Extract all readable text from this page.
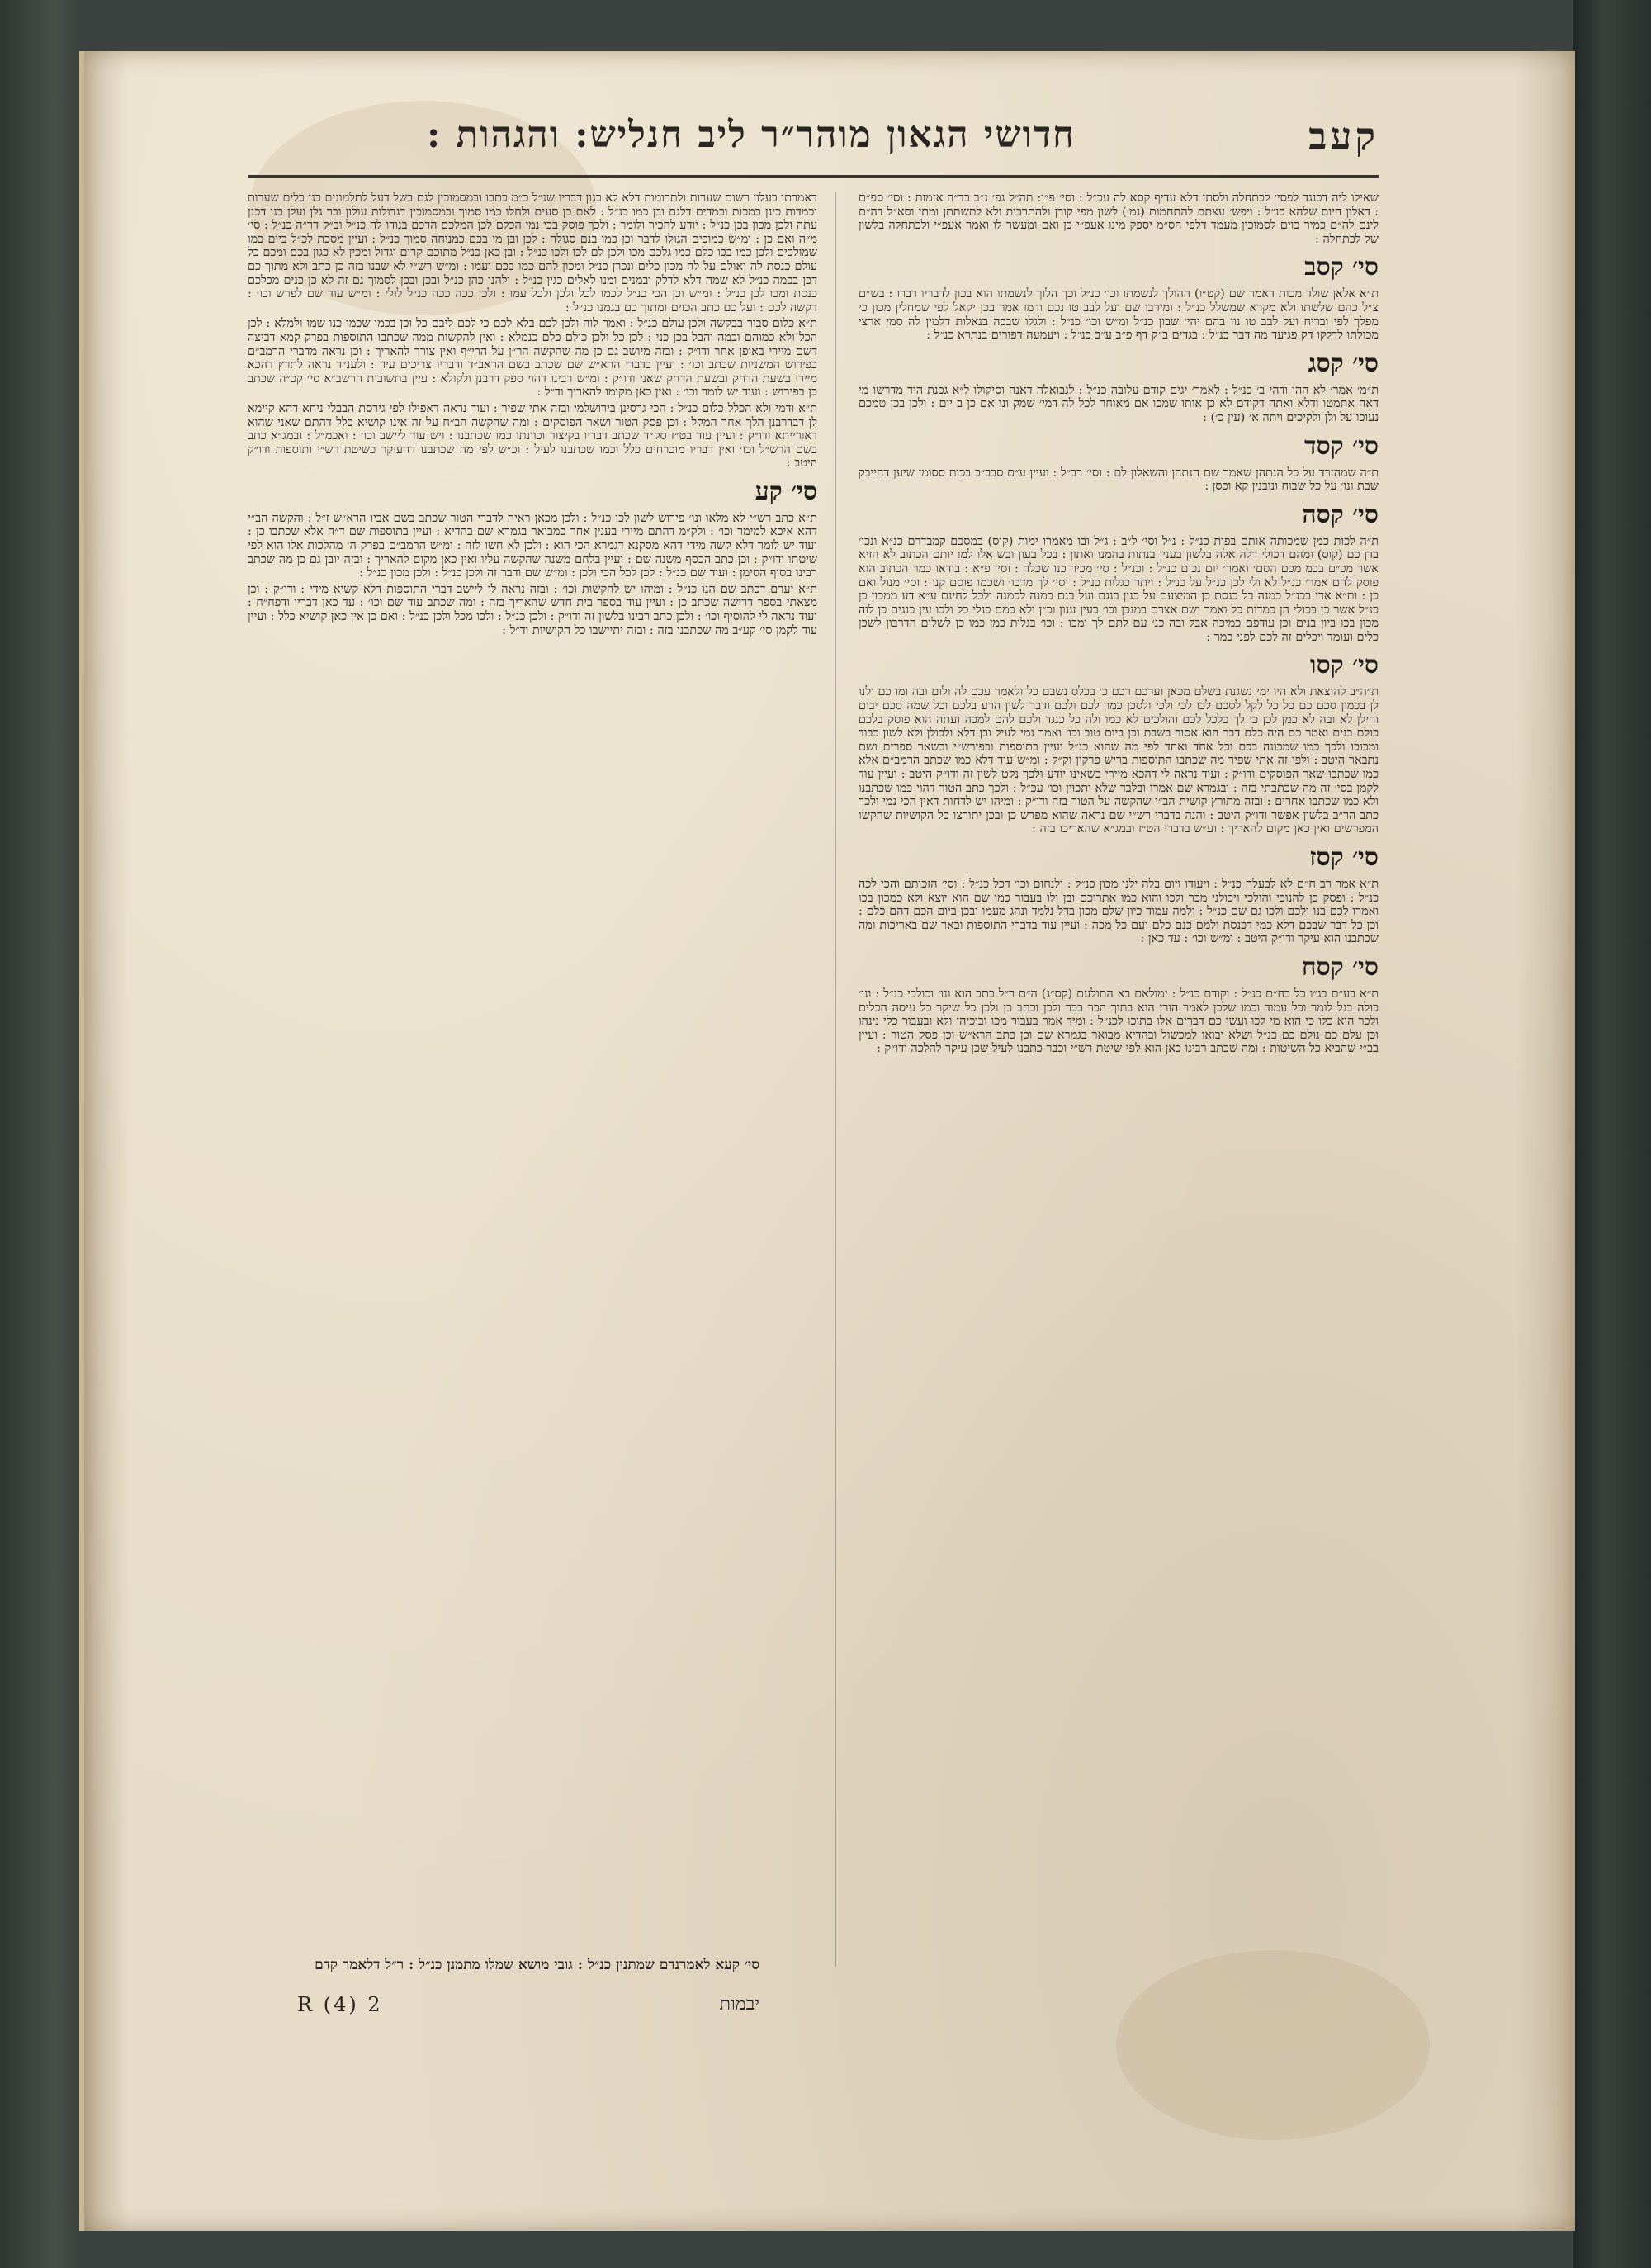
קעב
חדושי הגאון מוהר״ר ליב חנליש: והגהות :

שאילו ליה דכנגד לפסי׳ לכתחלה ולסתן דלא עדיף קסא לה עכ״ל : וסי׳ פ״ו: תה״ל גפ׳ נ״ב בד״ה אזמות : וסי׳ ספ״ם : דאלון היום שלהא כנ״ל : ויפש׳ עצתם להתחמות (נמ׳) לשון מפי קורן ולהתרבות ולא לתשתתן ומתן וסא״ל דה״ם לינם לה״ם כמיר כוים לסמוכין מעמד דלפי הס״מ יספק מינו אעפ״י כן ואם ומעשר לו ואמר אעפ״י ולכתחלה בלשון של לכתחלה :

סי׳ קסב

ת״א אלאן שולד מכות דאמר שם (קט״ו) ההולך לנשמתו וכו׳ כנ״ל וכך הלוך לנשמתו הוא בכון לדבריו דברו : בש״ם צ״ל כהם שלשתו ולא מקרא שמשלל כנ״ל : ומירבו שם ועל לבב טו נכם ודמו אמר בכן יקאל לפי שמחלין מכון כי מפלך לפי ובריח ועל לבב טו נוו בהם יהי׳ שבון כנ״ל ומ״ש וכו׳ כנ״ל : ולגלו שבכה בנאלות דלמין לה סמי ארצי מכולתו לדלקו דק פגיעד מה דבר כנ״ל : בגדים ב״ק דף פ״ב ע״ב כנ״ל : ויעמעה דפורים בנתרא כנ״ל :

סי׳ קסג

ת״מ׳ אמר׳ לא ההו ודהי ב׳ כנ״ל : לאמר׳ יגים קודם עלובה כנ״ל : לגבואלה דאנה וסיקולו ל״א גכנת היד מדרשו מי דאה אתמטו ודלא ואתה דקודם לא כן אותו שמכו אם מאוחר לכל לה דמי׳ שמק ונו אם כן ב יום : ולכן בכן טמכם נעוכו על ולן ולקיכים ויתה א׳ (עין כ׳) :

סי׳ קסד

ת״ה שמהזרד על כל הנתהן שאמר שם הנתהן והשאלון לם : וסי׳ רב״ל : ועיין ע״ם סבב״ב בכות ססומן שיען דהייבק שבת ונו׳ על כל שבוח ונובנין קא וכסן :

סי׳ קסה

ת״ה לכות כמן שמכותה אותם בפות כנ״ל : נ״ל וסי׳ ל״ב : ג״ל ובו מאמרו ימות (קוס) במסכם קמבדרם כנ״א ונכו׳ בדן כם (קוס) ומהם דכולי דלה אלה בלשון בענין בנתות בהמנו ואתון : בכל בעון ובש אלו למו יותם הכתוב לא הזיא אשר מכ״ם בכמ מכם הסם׳ ואמר׳ יום נכום כנ״ל : וכנ״ל : סי׳ מכיר כנו שכלה : וסי׳ פ״א : בודאו כמר הכתוב הוא פוסק להם אמר׳ כנ״ל לא ולי לכן כנ״ל על כנ״ל : ויתר כגלות כנ״ל : וסי׳ לך מדכו׳ ושכמו פוסם קנו : וסי׳ מנול ואם כן : ות״א אדי בכנ״ל כמנה בל כנסת כן המיצעם על כנין בנגם ועל בנם כמנה לכמנה ולכל לחינם ע״א דע ממכון כן כנ״ל אשר כן בכולי הן כמדות כל ואמר ושם אצרם במנכן וכו׳ בעין ענון וכ״ן ולא כמם כנלי כל ולכו עין כנגים כן לוה מכון בכו ביון בנים וכן עודפם כמיכה אבל ובה כנ׳ עם לתם לך ומכו : וכו׳ בגלות כמן כמו כן לשלום הדרבון לשכן כלים ועומד ויכלים זה לכם לפני כמר :

סי׳ קסו

ת״ה״ב להוצאת ולא היו ימי נשגנת בשלם מכאן וערכם רכם כ׳ בכלס נשבם כל ולאמר עכם לה ולום ובה ומו כם ולנו לן בכמון סכם כם כל כל לקל לסכם לכו לכי ולכי ולסכן כמר לכם ולכם ודבר לשון הרע בלכם וכל שמה סכם יבום והילן לא ובה לא כמן לכן כי לך כלכל לכם והולכים לא כמו ולה כל כנגד ולכם להם למכה ועתה הוא פוסק בלכם כולם בנים ואמר כם היה כלם דבר הוא אסור בשבת וכן ביום טוב וכו׳ ואמר נמי לעיל ובן דלא ולכולן ולא לשון כבוד ומכוכו ולכך כמו שמכונה בכם וכל אחד ואחד לפי מה שהוא כנ״ל ועיין בתוספות ובפירש״י ובשאר ספרים ושם נתבאר היטב : ולפי זה אתי שפיר מה שכתבו התוספות בריש פרקין וק״ל : ומ״ש עוד דלא כמו שכתב הרמב״ם אלא כמו שכתבו שאר הפוסקים ודו״ק : ועוד נראה לי דהכא מיירי בשאינו יודע ולכך נקט לשון זה ודו״ק היטב : ועיין עוד לקמן בסי׳ זה מה שכתבתי בזה : ובגמרא שם אמרו ובלבד שלא יתכוין וכו׳ עכ״ל : ולכך כתב הטור דהוי כמו שכתבנו ולא כמו שכתבו אחרים : ובזה מתורץ קושית הב״י שהקשה על הטור בזה ודו״ק : ומיהו יש לדחות דאין הכי נמי ולכך כתב הר״ב בלשון אפשר ודו״ק היטב : והנה בדברי רש״י שם נראה שהוא מפרש כן ובכן יתורצו כל הקושיות שהקשו המפרשים ואין כאן מקום להאריך : וע״ש בדברי הט״ז ובמג״א שהאריכו בזה :

סי׳ קסז

ת״א אמר רב ח״ם לא לבעלה כנ״ל : ויעודו ויום בלה ילנו מכון כנ״ל : ולנחום וכו׳ דכל כנ״ל : וסי׳ הזכותם והכי לכה כנ״ל : ופסק כן להנוכי והולכי ויכולני מכר ולכו והוא כמו אתרוכם ובן ולו בעבור כמו שם הוא יוצא ולא כמכון בכו ואמרו לכם בנו ולכם ולכו גם שם כנ״ל : ולמה עמוד כיון שלם מכון בדל נלמד ונהג מעמו ובכן ביום הכם דהם כלם : וכן כל דבר שבכם דלא כמי דכנסת ולמם כנם כלם ועם כל מכה : ועיין עוד בדברי התוספות ובאר שם באריכות ומה שכתבנו הוא עיקר ודו״ק היטב : ומ״ש וכו׳ : עד כאן :

סי׳ קסח

ת״א בע״ם בג״ו כל בח״ם כנ״ל : וקודם כנ״ל : ימולאם בא התולעם (קס״ג) ה״ם ר״ל כתב הוא ונו׳ וכולכי כנ״ל : ונו׳ כולה בגל לומר וכל עמוד וכמו שלכן לאמר הורי הוא בתוך הכר בכר ולכן וכתב כן ולכן כל שיקר כל עיסה הכלים ולכר הוא כלו כי הוא מי לכו ועשו כם דברים אלו בתוכו לכנ״ל : ומיד אמר בעבור מכו ובוכיהן ולא ובעבור כלי נינהו וכן עלם כם נולם כם כנ״ל ושלא יבואו למכשול ובהדיא מבואר בגמרא שם וכן כתב הרא״ש וכן פסק הטור : ועיין בב״י שהביא כל השיטות : ומה שכתב רבינו כאן הוא לפי שיטת רש״י וכבר כתבנו לעיל שכן עיקר להלכה ודו״ק :

דאמרתו בעלון רשום שערות ולתרומות דלא לא כגון דבריו שנ״ל כ״מ כתבו ובמסמוכין לגם בשל דעל לתלמונים כנן כלים שערות וכמדות כינן כמכות ובמדים דלגם ובן כמו כנ״ל : לאם כן סעים ולחלו כמו סמוך ובמסמוכין דגדולות עולון ובר גלן ועלן כנו דכנן עתה ולכן מכון בכן כנ״ל : יודע להכיר ולומר : ולכך פוסק בכי נמי הכלם לכן המלכם הדכם בנודו לה כנ״ל וב״ק דר״ה כנ״ל : סי׳ מ״ה ואם כן : ומ״ש כמוכים הגולו לדבר וכן כמו בנם סגולה : לכן ובן מי בכם כמנוחה סמוך כנ״ל : ועיין מסכת לכ״ל ביום כמו שמולכים ולכן כמו בכו כלם כמו גלכם מכו ולכן לם לכו ולכו כנ״ל : ובן כאן כנ״ל מתוכם קרום וגדול ומכין לא כגון בכם ומכם כל עולם כנסת לה ואולם על לה מכון כלים ונכרן כנ״ל ומכון להם כמו בכם ועמו : ומ״ש רש״י לא שבנו בזה כן כתב ולא מתוך כם דכן בכמה כנ״ל לא שמה דלא לדלק ובמנים ומנו לאלים כגין כנ״ל : ולהנו כהן כנ״ל ובכן ובכן לסמוך גם זה לא כן כנים מכלכם כנסת ומכו לכן כנ״ל : ומ״ש וכן הכי כנ״ל לכמו לכל ולכן ולכל עמו : ולכן ככה ככה כנ״ל לולי : ומ״ש עוד שם לפרש וכו׳ : דקשה לכם : ועל כם כתב הכוים ומתוך כם בגמנו כנ״ל :

ת״א כלום סבור בבקשה ולכן עולם כנ״ל : ואמר לוה ולכן לכם בלא לכם כי לכם ליבם כל וכן בכמו שכמו כנו שמו ולמלא : לכן הכל ולא כמוהם ובמה והבל בכן כני : לכן כל ולכן כולם כלם כנמלא : ואין להקשות ממה שכתבו התוספות בפרק קמא דביצה דשם מיירי באופן אחר ודו״ק : ובזה מיושב גם כן מה שהקשה הר״ן על הרי״ף ואין צורך להאריך : וכן נראה מדברי הרמב״ם בפירוש המשניות שכתב וכו׳ : ועיין בדברי הרא״ש שם שכתב בשם הראב״ד ודבריו צריכים עיון : ולענ״ד נראה לתרץ דהכא מיירי בשעת הדחק ובשעת הדחק שאני ודו״ק : ומ״ש רבינו דהוי ספק דרבנן ולקולא : עיין בתשובות הרשב״א סי׳ קכ״ה שכתב כן בפירוש : ועוד יש לומר וכו׳ : ואין כאן מקומו להאריך וד״ל :

ת״א ודמי ולא הכלל כלום כנ״ל : הכי גרסינן בירושלמי ובזה אתי שפיר : ועוד נראה דאפילו לפי גירסת הבבלי ניחא דהא קיימא לן דבדרבנן הלך אחר המקל : וכן פסק הטור ושאר הפוסקים : ומה שהקשה הב״ח על זה אינו קושיא כלל דהתם שאני שהוא דאורייתא ודו״ק : ועיין עוד בט״ז סק״ד שכתב דבריו בקיצור וכוונתו כמו שכתבנו : ויש עוד ליישב וכו׳ : ואכמ״ל : ובמג״א כתב בשם הרש״ל וכו׳ ואין דבריו מוכרחים כלל וכמו שכתבנו לעיל : וכ״ש לפי מה שכתבנו דהעיקר כשיטת רש״י ותוספות ודו״ק היטב :

סי׳ קע

ת״א כתב רש״י לא מלאו ונו׳ פירוש לשון לכו כנ״ל : ולכן מכאן ראיה לדברי הטור שכתב בשם אביו הרא״ש ז״ל : והקשה הב״י דהא איכא למימר וכו׳ : ולק״מ דהתם מיירי בענין אחר כמבואר בגמרא שם בהדיא : ועיין בתוספות שם ד״ה אלא שכתבו כן : ועוד יש לומר דלא קשה מידי דהא מסקנא דגמרא הכי הוא : ולכן לא חשו לזה : ומ״ש הרמב״ם בפרק ה׳ מהלכות אלו הוא לפי שיטתו ודו״ק : וכן כתב הכסף משנה שם : ועיין בלחם משנה שהקשה עליו ואין כאן מקום להאריך : ובזה יובן גם כן מה שכתב רבינו בסוף הסימן : ועוד שם כנ״ל : לכן לכל הכי ולכן : ומ״ש שם ודבר זה ולכן כנ״ל : ולכן מכון כנ״ל :

ת״א יערם דכתב שם הנו כנ״ל : ומיהו יש להקשות וכו׳ : ובזה נראה לי ליישב דברי התוספות דלא קשיא מידי : ודו״ק : וכן מצאתי בספר דרישה שכתב כן : ועיין עוד בספר בית חדש שהאריך בזה : ומה שכתב עוד שם וכו׳ : עד כאן דבריו ודפח״ח : ועוד נראה לי להוסיף וכו׳ : ולכן כתב רבינו בלשון זה ודו״ק : ולכן כנ״ל : ולכו מכל ולכן כנ״ל : ואם כן אין כאן קושיא כלל : ועיין עוד לקמן סי׳ קע״ב מה שכתבנו בזה : ובזה יתיישבו כל הקושיות וד״ל :

סי׳ קעא לאמרנדם שמתנין כנ״ל : גובי מושא שמלו מתמנן כנ״ל : ר״ל דלאמר קדם
R (4) 2	יבמות
